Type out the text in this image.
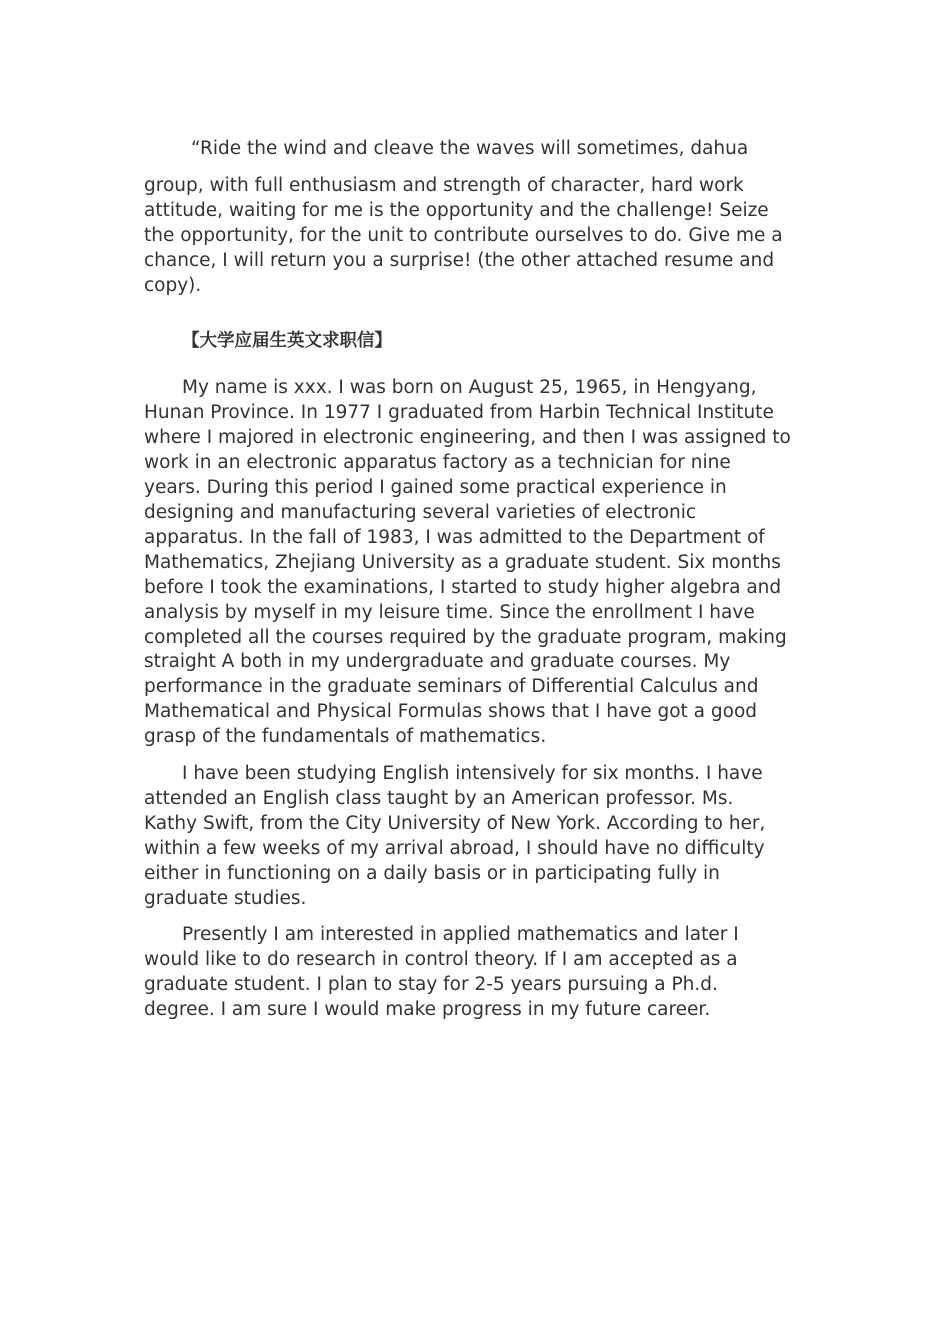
“Ride the wind and cleave the waves will sometimes, dahua

group, with full enthusiasm and strength of character, hard work attitude, waiting for me is the opportunity and the challenge! Seize the opportunity, for the unit to contribute ourselves to do. Give me a chance, I will return you a surprise! (the other attached resume and copy).

【大学应届生英文求职信】

My name is xxx. I was born on August 25, 1965, in Hengyang, Hunan Province. In 1977 I graduated from Harbin Technical Institute where I majored in electronic engineering, and then I was assigned to work in an electronic apparatus factory as a technician for nine years. During this period I gained some practical experience in designing and manufacturing several varieties of electronic apparatus. In the fall of 1983, I was admitted to the Department of Mathematics, Zhejiang University as a graduate student. Six months before I took the examinations, I started to study higher algebra and analysis by myself in my leisure time. Since the enrollment I have completed all the courses required by the graduate program, making straight A both in my undergraduate and graduate courses. My performance in the graduate seminars of Differential Calculus and Mathematical and Physical Formulas shows that I have got a good grasp of the fundamentals of mathematics.

I have been studying English intensively for six months. I have attended an English class taught by an American professor. Ms. Kathy Swift, from the City University of New York. According to her, within a few weeks of my arrival abroad, I should have no difficulty either in functioning on a daily basis or in participating fully in graduate studies.

Presently I am interested in applied mathematics and later I would like to do research in control theory. If I am accepted as a graduate student. I plan to stay for 2-5 years pursuing a Ph.d. degree. I am sure I would make progress in my future career.
